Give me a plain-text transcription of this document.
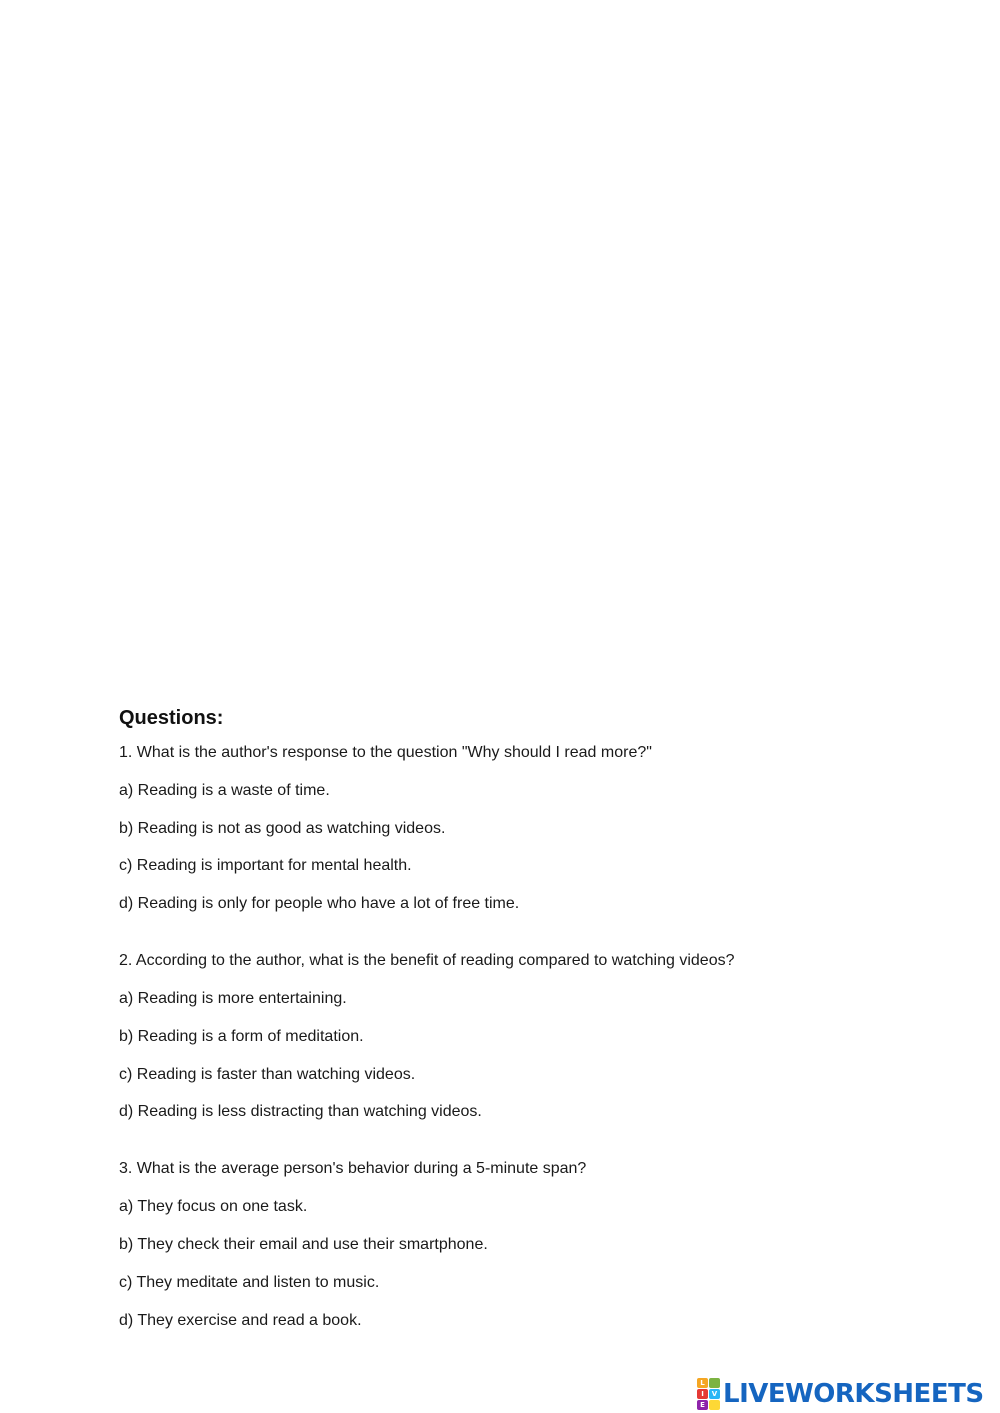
Questions:
1. What is the author's response to the question "Why should I read more?"
a) Reading is a waste of time.
b) Reading is not as good as watching videos.
c) Reading is important for mental health.
d) Reading is only for people who have a lot of free time.
2. According to the author, what is the benefit of reading compared to watching videos?
a) Reading is more entertaining.
b) Reading is a form of meditation.
c) Reading is faster than watching videos.
d) Reading is less distracting than watching videos.
3. What is the average person's behavior during a 5-minute span?
a) They focus on one task.
b) They check their email and use their smartphone.
c) They meditate and listen to music.
d) They exercise and read a book.
L
I	V
E LIVEWORKSHEETS
